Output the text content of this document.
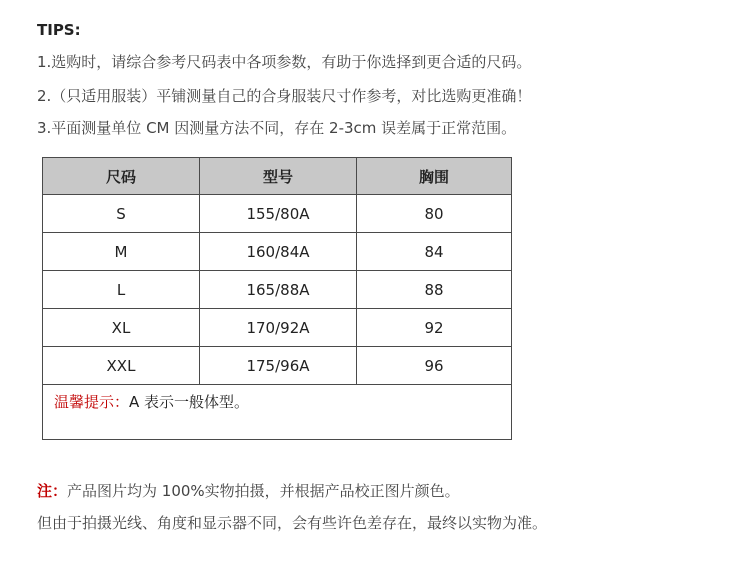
TIPS:
1.选购时，请综合参考尺码表中各项参数，有助于你选择到更合适的尺码。
2.（只适用服装）平铺测量自己的合身服装尺寸作参考，对比选购更准确！
3.平面测量单位 CM 因测量方法不同，存在 2-3cm 误差属于正常范围。
尺码	型号	胸围
S	155/80A	80
M	160/84A	84
L	165/88A	88
XL	170/92A	92
XXL	175/96A	96
温馨提示：A 表示一般体型。		
注：产品图片均为 100%实物拍摄，并根据产品校正图片颜色。
但由于拍摄光线、角度和显示器不同，会有些许色差存在，最终以实物为准。
